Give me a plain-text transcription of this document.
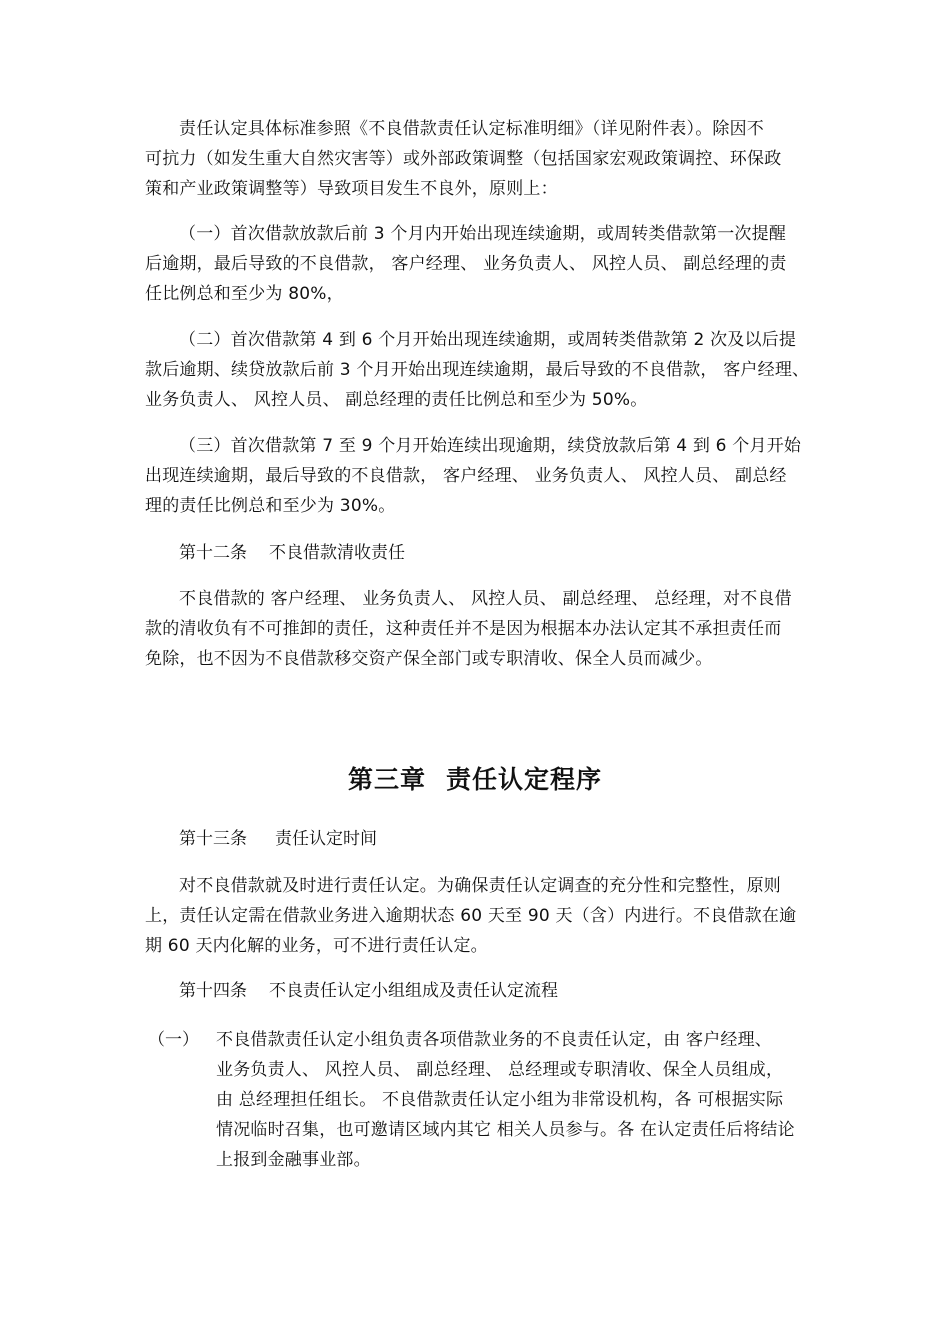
责任认定具体标准参照《不良借款责任认定标准明细》（详见附件表）。除因不
可抗力（如发生重大自然灾害等）或外部政策调整（包括国家宏观政策调控、环保政
策和产业政策调整等）导致项目发生不良外，原则上：

（一）首次借款放款后前 3 个月内开始出现连续逾期，或周转类借款第一次提醒
后逾期，最后导致的不良借款， 客户经理、 业务负责人、 风控人员、 副总经理的责
任比例总和至少为 80%，

（二）首次借款第 4 到 6 个月开始出现连续逾期，或周转类借款第 2 次及以后提
款后逾期、续贷放款后前 3 个月开始出现连续逾期，最后导致的不良借款， 客户经理、
业务负责人、 风控人员、 副总经理的责任比例总和至少为 50%。

（三）首次借款第 7 至 9 个月开始连续出现逾期，续贷放款后第 4 到 6 个月开始
出现连续逾期，最后导致的不良借款， 客户经理、 业务负责人、 风控人员、 副总经
理的责任比例总和至少为 30%。

第十二条 不良借款清收责任

不良借款的 客户经理、 业务负责人、 风控人员、 副总经理、 总经理，对不良借
款的清收负有不可推卸的责任，这种责任并不是因为根据本办法认定其不承担责任而
免除，也不因为不良借款移交资产保全部门或专职清收、保全人员而减少。

第三章 责任认定程序

第十三条 责任认定时间

对不良借款就及时进行责任认定。为确保责任认定调查的充分性和完整性，原则
上，责任认定需在借款业务进入逾期状态 60 天至 90 天（含）内进行。不良借款在逾
期 60 天内化解的业务，可不进行责任认定。

第十四条 不良责任认定小组组成及责任认定流程

（一） 不良借款责任认定小组负责各项借款业务的不良责任认定，由 客户经理、
业务负责人、 风控人员、 副总经理、 总经理或专职清收、保全人员组成，
由 总经理担任组长。 不良借款责任认定小组为非常设机构，各 可根据实际
情况临时召集，也可邀请区域内其它 相关人员参与。各 在认定责任后将结论
上报到金融事业部。
